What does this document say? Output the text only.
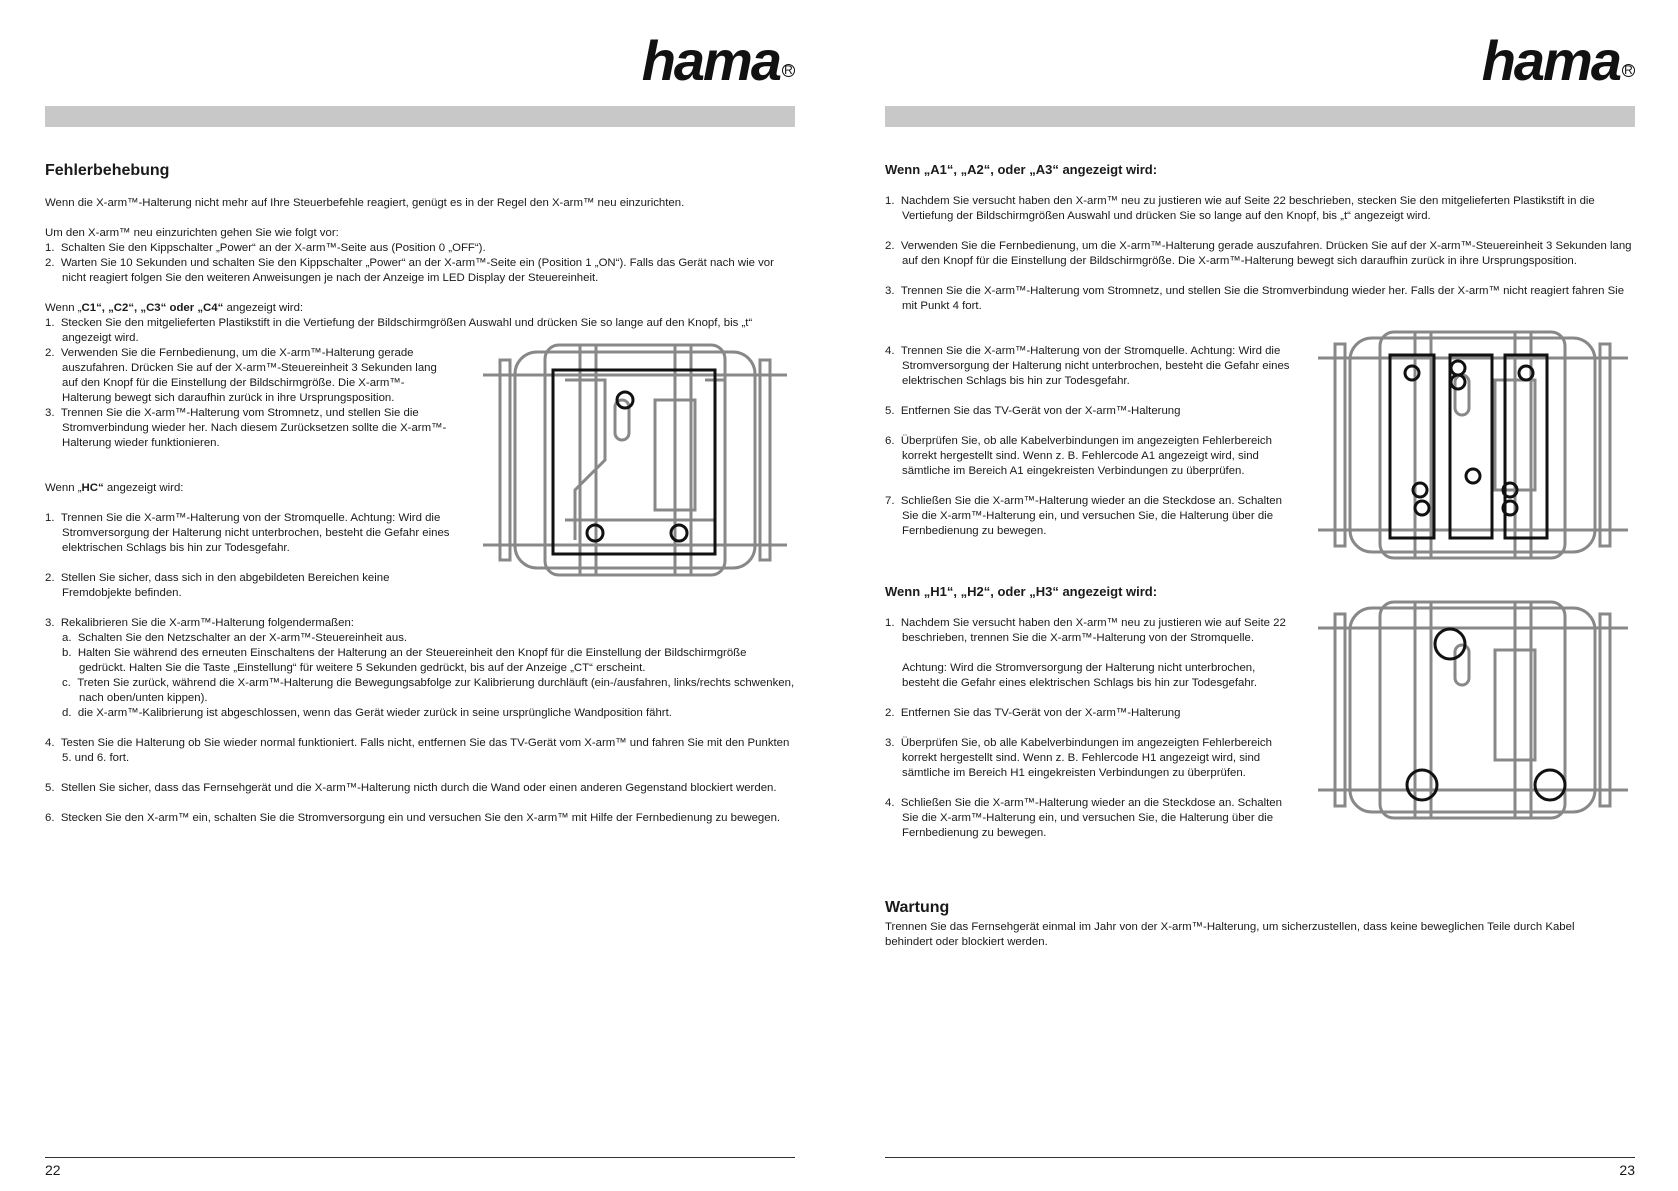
hama $^R$
Fehlerbehebung
Wenn die X-arm™-Halterung nicht mehr auf Ihre Steuerbefehle reagiert, genügt es in der Regel den X-arm™ neu einzurichten.

Um den X-arm™ neu einzurichten gehen Sie wie folgt vor:

1.  Schalten Sie den Kippschalter „Power“ an der X-arm™-Seite aus (Position 0 „OFF“).

2.  Warten Sie 10 Sekunden und schalten Sie den Kippschalter „Power“ an der X-arm™-Seite ein (Position 1 „ON“). Falls das Gerät nach wie vor nicht reagiert folgen Sie den weiteren Anweisungen je nach der Anzeige im LED Display der Steuereinheit.

Wenn „C1“, „C2“, „C3“ oder „C4“ angezeigt wird:

1.  Stecken Sie den mitgelieferten Plastikstift in die Vertiefung der Bildschirmgrößen Auswahl und drücken Sie so lange auf den Knopf, bis „t“ angezeigt wird.

2.  Verwenden Sie die Fernbedienung, um die X-arm™-Halterung gerade auszufahren. Drücken Sie auf der X-arm™-Steuereinheit 3 Sekunden lang auf den Knopf für die Einstellung der Bildschirmgröße. Die X-arm™-Halterung bewegt sich daraufhin zurück in ihre Ursprungsposition.

3.  Trennen Sie die X-arm™-Halterung vom Stromnetz, und stellen Sie die Stromverbindung wieder her. Nach diesem Zurücksetzen sollte die X-arm™-Halterung wieder funktionieren.

Wenn „HC“ angezeigt wird:

1.  Trennen Sie die X-arm™-Halterung von der Stromquelle. Achtung: Wird die Stromversorgung der Halterung nicht unterbrochen, besteht die Gefahr eines elektrischen Schlags bis hin zur Todesgefahr.

2.  Stellen Sie sicher, dass sich in den abgebildeten Bereichen keine Fremdobjekte befinden.

3.  Rekalibrieren Sie die X-arm™-Halterung folgendermaßen:

a.  Schalten Sie den Netzschalter an der X-arm™-Steuereinheit aus.

b.  Halten Sie während des erneuten Einschaltens der Halterung an der Steuereinheit den Knopf für die Einstellung der Bildschirmgröße gedrückt. Halten Sie die Taste „Einstellung“ für weitere 5 Sekunden gedrückt, bis auf der Anzeige „CT“ erscheint.

c.  Treten Sie zurück, während die X-arm™-Halterung die Bewegungsabfolge zur Kalibrierung durchläuft (ein-/ausfahren, links/rechts schwenken, nach oben/unten kippen).

d.  die X-arm™-Kalibrierung ist abgeschlossen, wenn das Gerät wieder zurück in seine ursprüngliche Wandposition fährt.

4.  Testen Sie die Halterung ob Sie wieder normal funktioniert. Falls nicht, entfernen Sie das TV-Gerät vom X-arm™ und fahren Sie mit den Punkten 5. und 6. fort.

5.  Stellen Sie sicher, dass das Fernsehgerät und die X-arm™-Halterung nicth durch die Wand oder einen anderen Gegenstand blockiert werden.

6.  Stecken Sie den X-arm™ ein, schalten Sie die Stromversorgung ein und versuchen Sie den X-arm™ mit Hilfe der Fernbedienung zu bewegen.

22
hama $^R$
Wenn „A1“, „A2“, oder „A3“ angezeigt wird:

1.  Nachdem Sie versucht haben den X-arm™ neu zu justieren wie auf Seite 22 beschrieben, stecken Sie den mitgelieferten Plastikstift in die Vertiefung der Bildschirmgrößen Auswahl und drücken Sie so lange auf den Knopf, bis „t“ angezeigt wird.

2.  Verwenden Sie die Fernbedienung, um die X-arm™-Halterung gerade auszufahren. Drücken Sie auf der X-arm™-Steuereinheit 3 Sekunden lang auf den Knopf für die Einstellung der Bildschirmgröße. Die X-arm™-Halterung bewegt sich daraufhin zurück in ihre Ursprungsposition.

3.  Trennen Sie die X-arm™-Halterung vom Stromnetz, und stellen Sie die Stromverbindung wieder her. Falls der X-arm™ nicht reagiert fahren Sie mit Punkt 4 fort.

4.  Trennen Sie die X-arm™-Halterung von der Stromquelle. Achtung: Wird die Stromversorgung der Halterung nicht unterbrochen, besteht die Gefahr eines elektrischen Schlags bis hin zur Todesgefahr.

5.  Entfernen Sie das TV-Gerät von der X-arm™-Halterung

6.  Überprüfen Sie, ob alle Kabelverbindungen im angezeigten Fehlerbereich korrekt hergestellt sind. Wenn z. B. Fehlercode A1 angezeigt wird, sind sämtliche im Bereich A1 eingekreisten Verbindungen zu überprüfen.

7.  Schließen Sie die X-arm™-Halterung wieder an die Steckdose an. Schalten Sie die X-arm™-Halterung ein, und versuchen Sie, die Halterung über die Fernbedienung zu bewegen.

Wenn „H1“, „H2“, oder „H3“ angezeigt wird:

1.  Nachdem Sie versucht haben den X-arm™ neu zu justieren wie auf Seite 22 beschrieben, trennen Sie die X-arm™-Halterung von der Stromquelle.

Achtung: Wird die Stromversorgung der Halterung nicht unterbrochen, besteht die Gefahr eines elektrischen Schlags bis hin zur Todesgefahr.

2.  Entfernen Sie das TV-Gerät von der X-arm™-Halterung

3.  Überprüfen Sie, ob alle Kabelverbindungen im angezeigten Fehlerbereich korrekt hergestellt sind. Wenn z. B. Fehlercode H1 angezeigt wird, sind sämtliche im Bereich H1 eingekreisten Verbindungen zu überprüfen.

4.  Schließen Sie die X-arm™-Halterung wieder an die Steckdose an. Schalten Sie die X-arm™-Halterung ein, und versuchen Sie, die Halterung über die Fernbedienung zu bewegen.

Wartung
Trennen Sie das Fernsehgerät einmal im Jahr von der X-arm™-Halterung, um sicherzustellen, dass keine beweglichen Teile durch Kabel behindert oder blockiert werden.
23
